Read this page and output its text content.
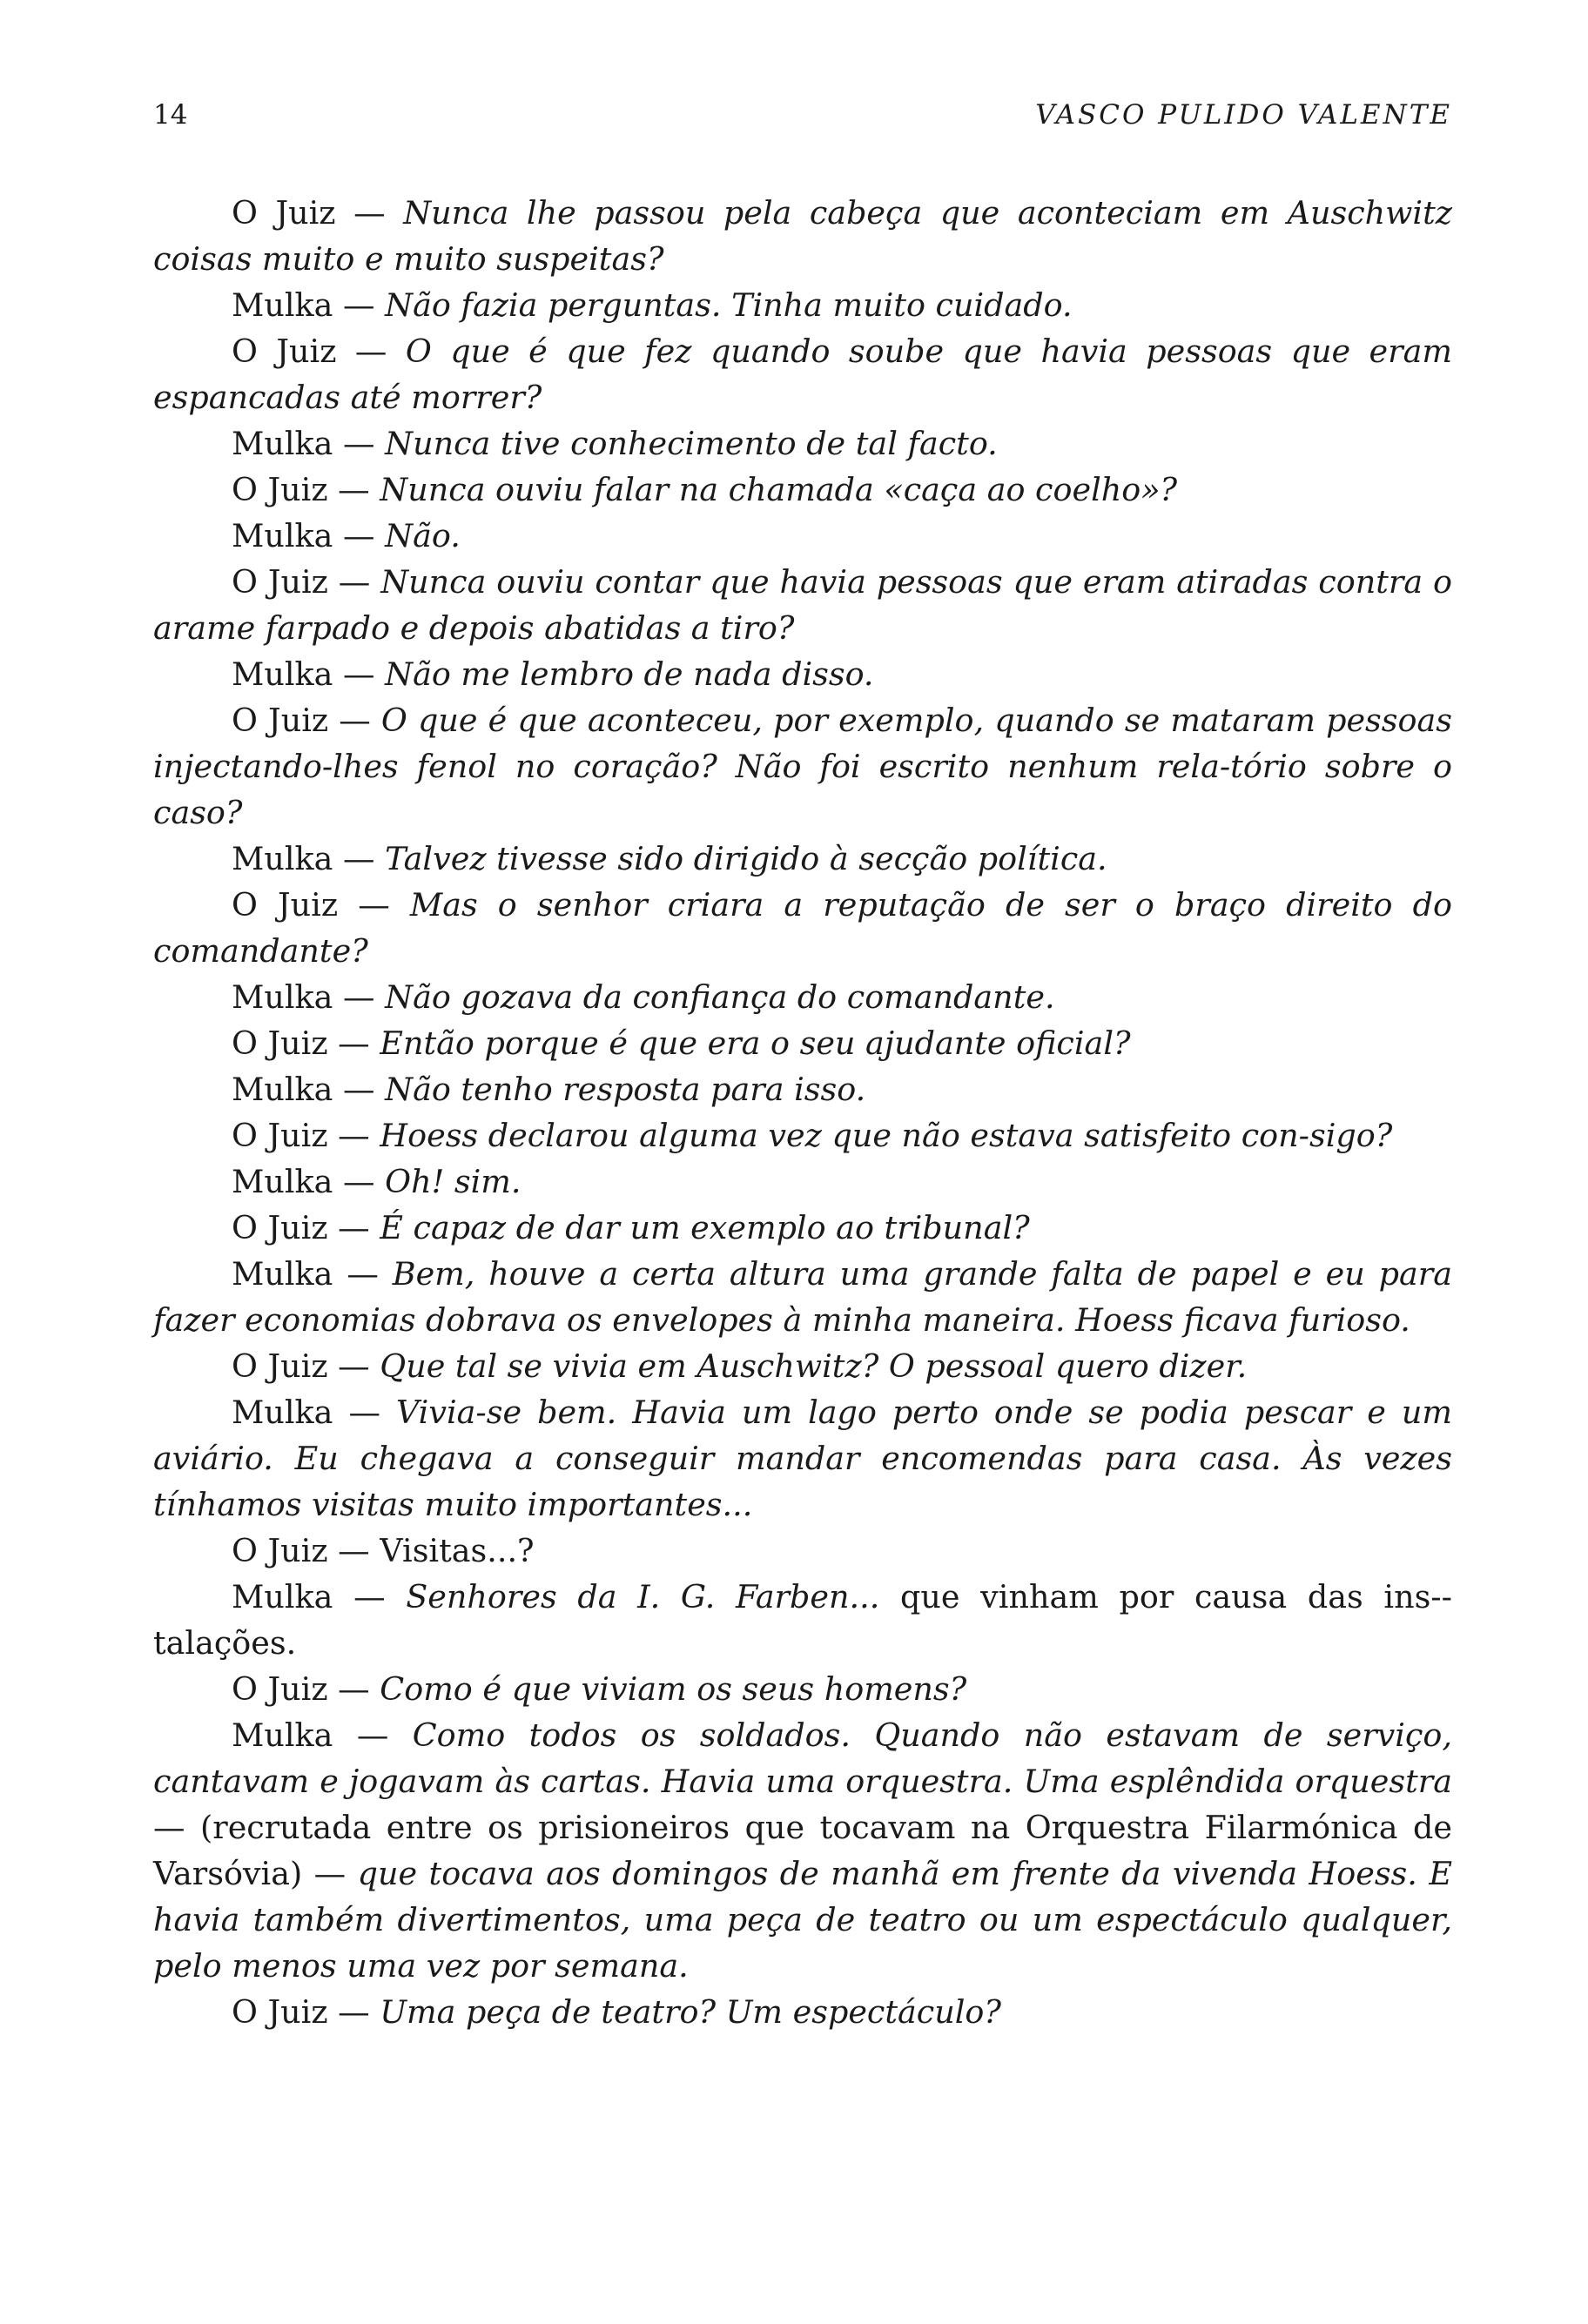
14	VASCO PULIDO VALENTE

O Juiz — Nunca lhe passou pela cabeça que aconteciam em Auschwitz coisas muito e muito suspeitas?

Mulka — Não fazia perguntas. Tinha muito cuidado.

O Juiz — O que é que fez quando soube que havia pessoas que eram espancadas até morrer?

Mulka — Nunca tive conhecimento de tal facto.

O Juiz — Nunca ouviu falar na chamada «caça ao coelho»?

Mulka — Não.

O Juiz — Nunca ouviu contar que havia pessoas que eram atiradas contra o arame farpado e depois abatidas a tiro?

Mulka — Não me lembro de nada disso.

O Juiz — O que é que aconteceu, por exemplo, quando se mataram pessoas injectando-lhes fenol no coração? Não foi escrito nenhum rela-tório sobre o caso?

Mulka — Talvez tivesse sido dirigido à secção política.

O Juiz — Mas o senhor criara a reputação de ser o braço direito do comandante?

Mulka — Não gozava da confiança do comandante.

O Juiz — Então porque é que era o seu ajudante oficial?

Mulka — Não tenho resposta para isso.

O Juiz — Hoess declarou alguma vez que não estava satisfeito con-sigo?

Mulka — Oh! sim.

O Juiz — É capaz de dar um exemplo ao tribunal?

Mulka — Bem, houve a certa altura uma grande falta de papel e eu para fazer economias dobrava os envelopes à minha maneira. Hoess ficava furioso.

O Juiz — Que tal se vivia em Auschwitz? O pessoal quero dizer.

Mulka — Vivia-se bem. Havia um lago perto onde se podia pescar e um aviário. Eu chegava a conseguir mandar encomendas para casa. Às vezes tínhamos visitas muito importantes...

O Juiz — Visitas...?

Mulka — Senhores da I. G. Farben... que vinham por causa das ins-talações.

O Juiz — Como é que viviam os seus homens?

Mulka — Como todos os soldados. Quando não estavam de serviço, cantavam e jogavam às cartas. Havia uma orquestra. Uma esplêndida orquestra — (recrutada entre os prisioneiros que tocavam na Orquestra Filarmónica de Varsóvia) — que tocava aos domingos de manhã em frente da vivenda Hoess. E havia também divertimentos, uma peça de teatro ou um espectáculo qualquer, pelo menos uma vez por semana.

O Juiz — Uma peça de teatro? Um espectáculo?
